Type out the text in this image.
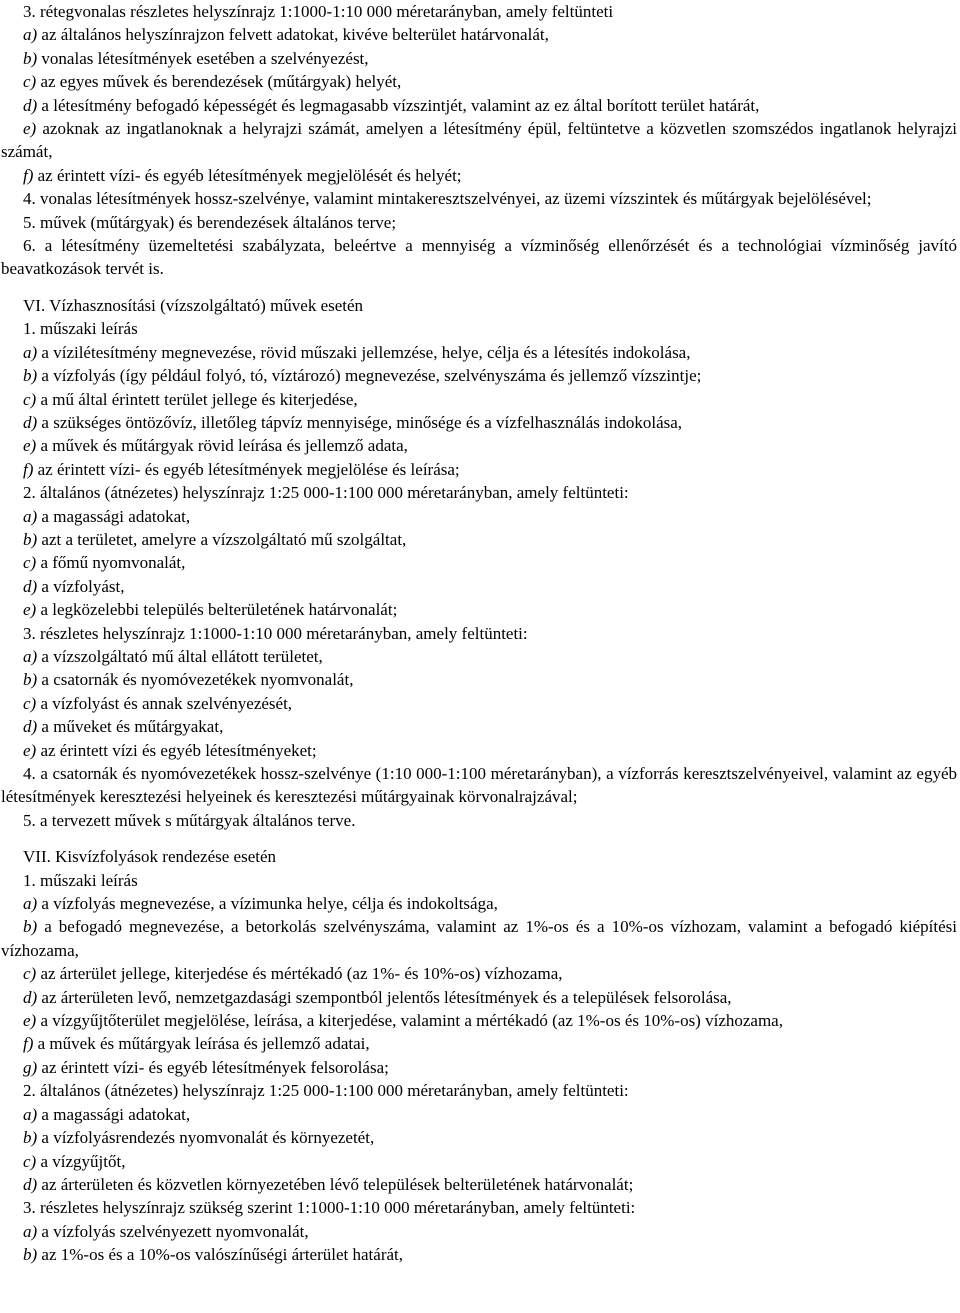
3. rétegvonalas részletes helyszínrajz 1:1000-1:10 000 méretarányban, amely feltünteti
a) az általános helyszínrajzon felvett adatokat, kivéve belterület határvonalát,
b) vonalas létesítmények esetében a szelvényezést,
c) az egyes művek és berendezések (műtárgyak) helyét,
d) a létesítmény befogadó képességét és legmagasabb vízszintjét, valamint az ez által borított terület határát,
e) azoknak az ingatlanoknak a helyrajzi számát, amelyen a létesítmény épül, feltüntetve a közvetlen szomszédos ingatlanok helyrajzi számát,
f) az érintett vízi- és egyéb létesítmények megjelölését és helyét;
4. vonalas létesítmények hossz-szelvénye, valamint mintakeresztszelvényei, az üzemi vízszintek és műtárgyak bejelölésével;
5. művek (műtárgyak) és berendezések általános terve;
6. a létesítmény üzemeltetési szabályzata, beleértve a mennyiség a vízminőség ellenőrzését és a technológiai vízminőség javító beavatkozások tervét is.
VI. Vízhasznosítási (vízszolgáltató) művek esetén
1. műszaki leírás
a) a vízilétesítmény megnevezése, rövid műszaki jellemzése, helye, célja és a létesítés indokolása,
b) a vízfolyás (így például folyó, tó, víztározó) megnevezése, szelvényszáma és jellemző vízszintje;
c) a mű által érintett terület jellege és kiterjedése,
d) a szükséges öntözővíz, illetőleg tápvíz mennyisége, minősége és a vízfelhasználás indokolása,
e) a művek és műtárgyak rövid leírása és jellemző adata,
f) az érintett vízi- és egyéb létesítmények megjelölése és leírása;
2. általános (átnézetes) helyszínrajz 1:25 000-1:100 000 méretarányban, amely feltünteti:
a) a magassági adatokat,
b) azt a területet, amelyre a vízszolgáltató mű szolgáltat,
c) a főmű nyomvonalát,
d) a vízfolyást,
e) a legközelebbi település belterületének határvonalát;
3. részletes helyszínrajz 1:1000-1:10 000 méretarányban, amely feltünteti:
a) a vízszolgáltató mű által ellátott területet,
b) a csatornák és nyomóvezetékek nyomvonalát,
c) a vízfolyást és annak szelvényezését,
d) a műveket és műtárgyakat,
e) az érintett vízi és egyéb létesítményeket;
4. a csatornák és nyomóvezetékek hossz-szelvénye (1:10 000-1:100 méretarányban), a vízforrás keresztszelvényeivel, valamint az egyéb létesítmények keresztezési helyeinek és keresztezési műtárgyainak körvonalrajzával;
5. a tervezett művek s műtárgyak általános terve.
VII. Kisvízfolyások rendezése esetén
1. műszaki leírás
a) a vízfolyás megnevezése, a vízimunka helye, célja és indokoltsága,
b) a befogadó megnevezése, a betorkolás szelvényszáma, valamint az 1%-os és a 10%-os vízhozam, valamint a befogadó kiépítési vízhozama,
c) az árterület jellege, kiterjedése és mértékadó (az 1%- és 10%-os) vízhozama,
d) az árterületen levő, nemzetgazdasági szempontból jelentős létesítmények és a települések felsorolása,
e) a vízgyűjtőterület megjelölése, leírása, a kiterjedése, valamint a mértékadó (az 1%-os és 10%-os) vízhozama,
f) a művek és műtárgyak leírása és jellemző adatai,
g) az érintett vízi- és egyéb létesítmények felsorolása;
2. általános (átnézetes) helyszínrajz 1:25 000-1:100 000 méretarányban, amely feltünteti:
a) a magassági adatokat,
b) a vízfolyásrendezés nyomvonalát és környezetét,
c) a vízgyűjtőt,
d) az árterületen és közvetlen környezetében lévő települések belterületének határvonalát;
3. részletes helyszínrajz szükség szerint 1:1000-1:10 000 méretarányban, amely feltünteti:
a) a vízfolyás szelvényezett nyomvonalát,
b) az 1%-os és a 10%-os valószínűségi árterület határát,
